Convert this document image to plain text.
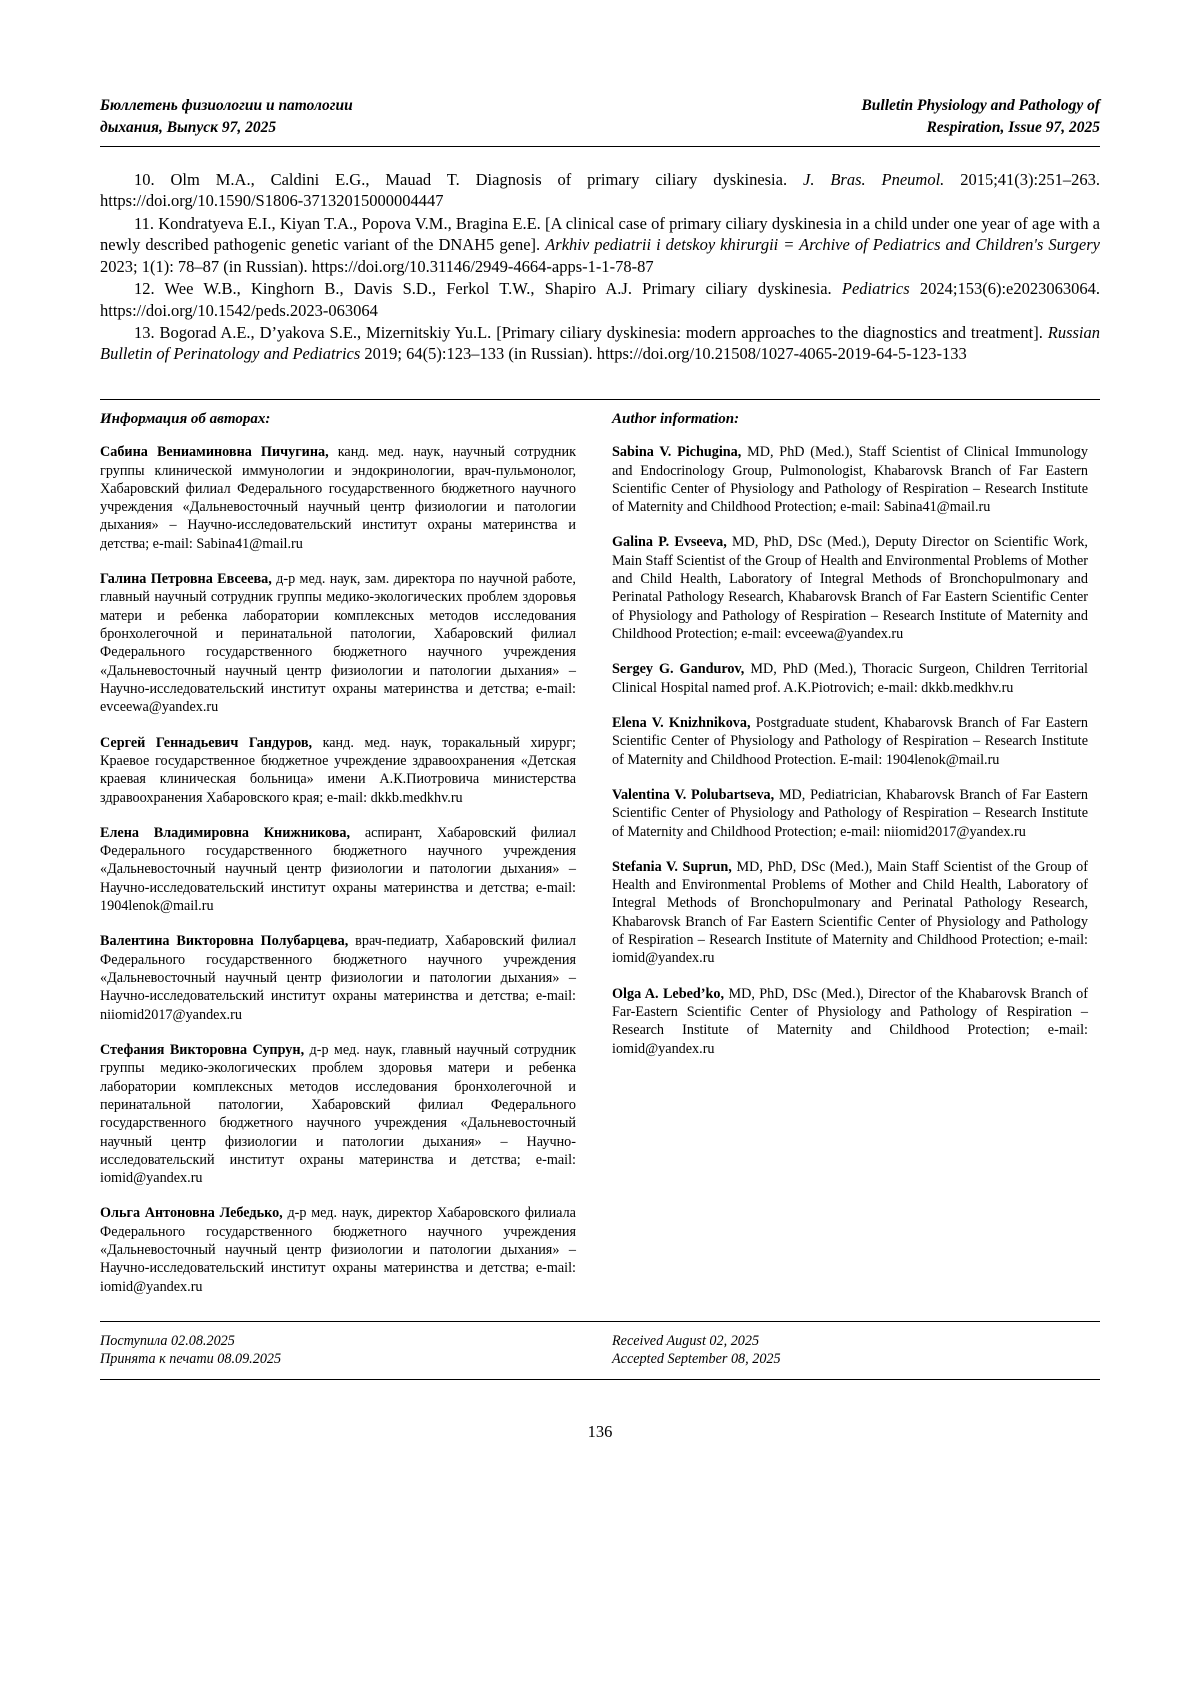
Бюллетень физиологии и патологии
дыхания, Выпуск 97, 2025
Bulletin Physiology and Pathology of
Respiration, Issue 97, 2025
10. Olm M.A., Caldini E.G., Mauad T. Diagnosis of primary ciliary dyskinesia. J. Bras. Pneumol. 2015;41(3):251–263. https://doi.org/10.1590/S1806-37132015000004447
11. Kondratyeva E.I., Kiyan T.A., Popova V.M., Bragina E.E. [A clinical case of primary ciliary dyskinesia in a child under one year of age with a newly described pathogenic genetic variant of the DNAH5 gene]. Arkhiv pediatrii i detskoy khirurgii = Archive of Pediatrics and Children's Surgery 2023; 1(1): 78–87 (in Russian). https://doi.org/10.31146/2949-4664-apps-1-1-78-87
12. Wee W.B., Kinghorn B., Davis S.D., Ferkol T.W., Shapiro A.J. Primary ciliary dyskinesia. Pediatrics 2024;153(6):e2023063064. https://doi.org/10.1542/peds.2023-063064
13. Bogorad A.E., D’yakova S.E., Mizernitskiy Yu.L. [Primary ciliary dyskinesia: modern approaches to the diagnostics and treatment]. Russian Bulletin of Perinatology and Pediatrics 2019; 64(5):123–133 (in Russian). https://doi.org/10.21508/1027-4065-2019-64-5-123-133
Информация об авторах:
Сабина Вениаминовна Пичугина, канд. мед. наук, научный сотрудник группы клинической иммунологии и эндокринологии, врач-пульмонолог, Хабаровский филиал Федерального государственного бюджетного научного учреждения «Дальневосточный научный центр физиологии и патологии дыхания» – Научно-исследовательский институт охраны материнства и детства; e-mail: Sabina41@mail.ru
Галина Петровна Евсеева, д-р мед. наук, зам. директора по научной работе, главный научный сотрудник группы медико-экологических проблем здоровья матери и ребенка лаборатории комплексных методов исследования бронхолегочной и перинатальной патологии, Хабаровский филиал Федерального государственного бюджетного научного учреждения «Дальневосточный научный центр физиологии и патологии дыхания» – Научно-исследовательский институт охраны материнства и детства; e-mail: evceewa@yandex.ru
Сергей Геннадьевич Гандуров, канд. мед. наук, торакальный хирург; Краевое государственное бюджетное учреждение здравоохранения «Детская краевая клиническая больница» имени А.К.Пиотровича министерства здравоохранения Хабаровского края; e-mail: dkkb.medkhv.ru
Елена Владимировна Книжникова, аспирант, Хабаровский филиал Федерального государственного бюджетного научного учреждения «Дальневосточный научный центр физиологии и патологии дыхания» – Научно-исследовательский институт охраны материнства и детства; e-mail: 1904lenok@mail.ru
Валентина Викторовна Полубарцева, врач-педиатр, Хабаровский филиал Федерального государственного бюджетного научного учреждения «Дальневосточный научный центр физиологии и патологии дыхания» – Научно-исследовательский институт охраны материнства и детства; e-mail: niiomid2017@yandex.ru
Стефания Викторовна Супрун, д-р мед. наук, главный научный сотрудник группы медико-экологических проблем здоровья матери и ребенка лаборатории комплексных методов исследования бронхолегочной и перинатальной патологии, Хабаровский филиал Федерального государственного бюджетного научного учреждения «Дальневосточный научный центр физиологии и патологии дыхания» – Научно-исследовательский институт охраны материнства и детства; e-mail: iomid@yandex.ru
Ольга Антоновна Лебедько, д-р мед. наук, директор Хабаровского филиала Федерального государственного бюджетного научного учреждения «Дальневосточный научный центр физиологии и патологии дыхания» – Научно-исследовательский институт охраны материнства и детства; e-mail: iomid@yandex.ru
Author information:
Sabina V. Pichugina, MD, PhD (Med.), Staff Scientist of Clinical Immunology and Endocrinology Group, Pulmonologist, Khabarovsk Branch of Far Eastern Scientific Center of Physiology and Pathology of Respiration – Research Institute of Maternity and Childhood Protection; e-mail: Sabina41@mail.ru
Galina P. Evseeva, MD, PhD, DSc (Med.), Deputy Director on Scientific Work, Main Staff Scientist of the Group of Health and Environmental Problems of Mother and Child Health, Laboratory of Integral Methods of Bronchopulmonary and Perinatal Pathology Research, Khabarovsk Branch of Far Eastern Scientific Center of Physiology and Pathology of Respiration – Research Institute of Maternity and Childhood Protection; e-mail: evceewa@yandex.ru
Sergey G. Gandurov, MD, PhD (Med.), Thoracic Surgeon, Children Territorial Clinical Hospital named prof. A.K.Piotrovich; e-mail: dkkb.medkhv.ru
Elena V. Knizhnikova, Postgraduate student, Khabarovsk Branch of Far Eastern Scientific Center of Physiology and Pathology of Respiration – Research Institute of Maternity and Childhood Protection. E-mail: 1904lenok@mail.ru
Valentina V. Polubartseva, MD, Pediatrician, Khabarovsk Branch of Far Eastern Scientific Center of Physiology and Pathology of Respiration – Research Institute of Maternity and Childhood Protection; e-mail: niiomid2017@yandex.ru
Stefania V. Suprun, MD, PhD, DSc (Med.), Main Staff Scientist of the Group of Health and Environmental Problems of Mother and Child Health, Laboratory of Integral Methods of Bronchopulmonary and Perinatal Pathology Research, Khabarovsk Branch of Far Eastern Scientific Center of Physiology and Pathology of Respiration – Research Institute of Maternity and Childhood Protection; e-mail: iomid@yandex.ru
Olga A. Lebed’ko, MD, PhD, DSc (Med.), Director of the Khabarovsk Branch of Far-Eastern Scientific Center of Physiology and Pathology of Respiration – Research Institute of Maternity and Childhood Protection; e-mail: iomid@yandex.ru
Поступила 02.08.2025
Принята к печати 08.09.2025
Received August 02, 2025
Accepted September 08, 2025
136
